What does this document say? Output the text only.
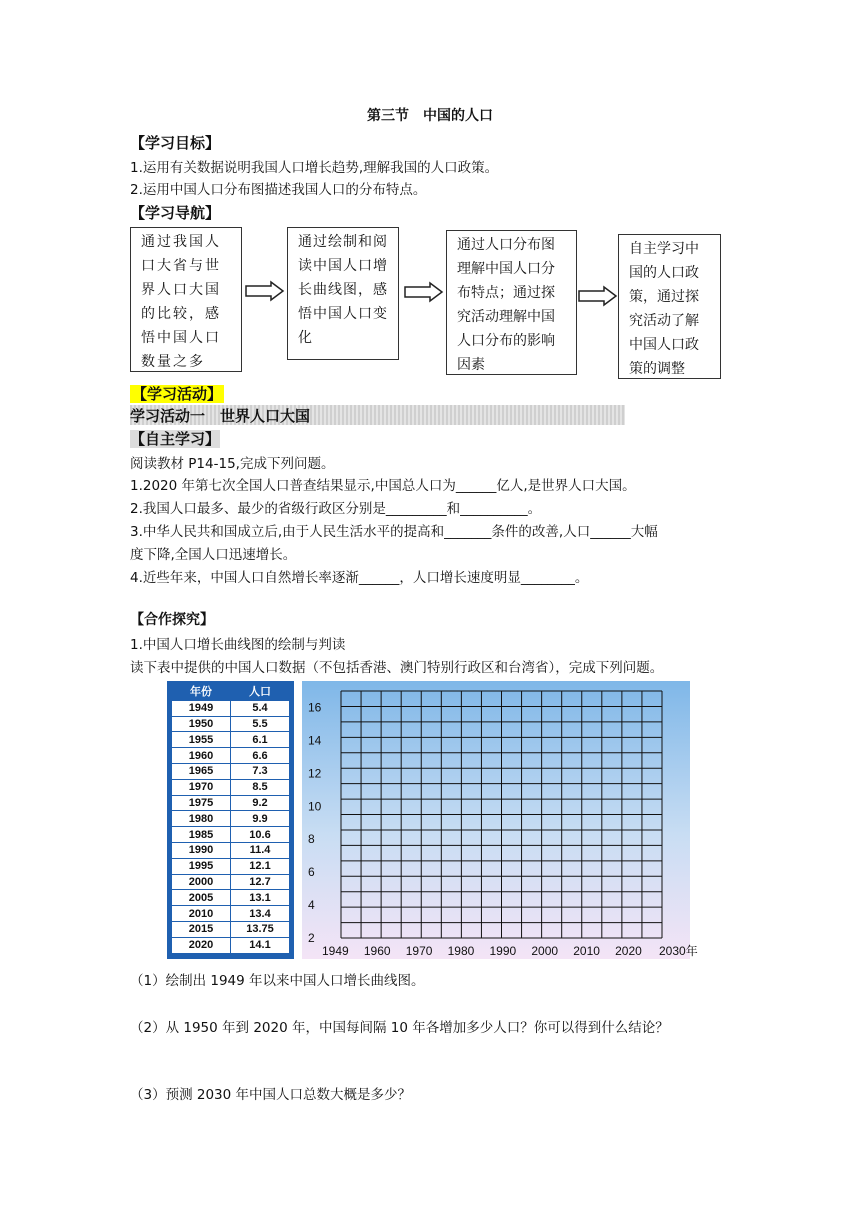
第三节　中国的人口
【学习目标】
1.运用有关数据说明我国人口增长趋势,理解我国的人口政策。
2.运用中国人口分布图描述我国人口的分布特点。
【学习导航】
通过我国人口大省与世界人口大国的比较，感悟中国人口数量之多
通过绘制和阅读中国人口增长曲线图，感悟中国人口变化
通过人口分布图理解中国人口分布特点；通过探究活动理解中国人口分布的影响因素
自主学习中国的人口政策，通过探究活动了解中国人口政策的调整
【学习活动】
学习活动一　世界人口大国
【自主学习】
阅读教材 P14-15,完成下列问题。
1.2020 年第七次全国人口普查结果显示,中国总人口为______亿人,是世界人口大国。
2.我国人口最多、最少的省级行政区分别是_________和__________。
3.中华人民共和国成立后,由于人民生活水平的提高和_______条件的改善,人口______大幅
度下降,全国人口迅速增长。
4.近些年来，中国人口自然增长率逐渐______，人口增长速度明显________。
【合作探究】
1.中国人口增长曲线图的绘制与判读
读下表中提供的中国人口数据（不包括香港、澳门特别行政区和台湾省），完成下列问题。
年份	人口
1949	5.4
1950	5.5
1955	6.1
1960	6.6
1965	7.3
1970	8.5
1975	9.2
1980	9.9
1985	10.6
1990	11.4
1995	12.1
2000	12.7
2005	13.1
2010	13.4
2015	13.75
2020	14.1
16
14
12
10
8
6
4
2
1949 1960 1970 1980 1990 2000 2010 2020 2030年
（1）绘制出 1949 年以来中国人口增长曲线图。
（2）从 1950 年到 2020 年，中国每间隔 10 年各增加多少人口？你可以得到什么结论？
（3）预测 2030 年中国人口总数大概是多少？
